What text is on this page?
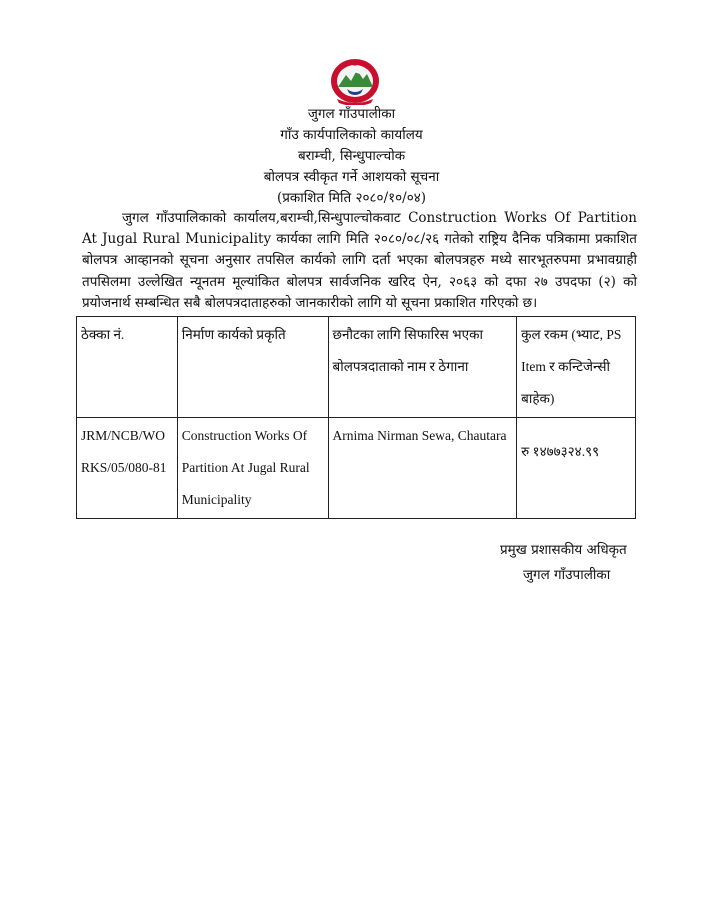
जुगल गाँउपालीका
गाँउ कार्यपालिकाको कार्यालय
बराम्ची, सिन्धुपाल्चोक
बोलपत्र स्वीकृत गर्ने आशयको सूचना
(प्रकाशित मिति २०८०/१०/०४)
जुगल गाँउपालिकाको कार्यालय,बराम्ची,सिन्धुपाल्चोकवाट Construction Works Of Partition At Jugal Rural Municipality कार्यका लागि मिति २०८०/०८/२६ गतेको राष्ट्रिय दैनिक पत्रिकामा प्रकाशित बोलपत्र आव्हानको सूचना अनुसार तपसिल कार्यको लागि दर्ता भएका बोलपत्रहरु मध्ये सारभूतरुपमा प्रभावग्राही तपसिलमा उल्लेखित न्यूनतम मूल्यांकित बोलपत्र सार्वजनिक खरिद ऐन, २०६३ को दफा २७ उपदफा (२) को प्रयोजनार्थ सम्बन्धित सबै बोलपत्रदाताहरुको जानकारीको लागि यो सूचना प्रकाशित गरिएको छ।
ठेक्का नं.	निर्माण कार्यको प्रकृति	छनौटका लागि सिफारिस भएका बोलपत्रदाताको नाम र ठेगाना	कुल रकम (भ्याट, PS Item र कन्टिजेन्सी बाहेक)
JRM/NCB/WORKS/05/080-81	Construction Works Of Partition At Jugal Rural Municipality	Arnima Nirman Sewa, Chautara	रु १४७७३२४.९९
प्रमुख प्रशासकीय अधिकृत
जुगल गाँउपालीका
